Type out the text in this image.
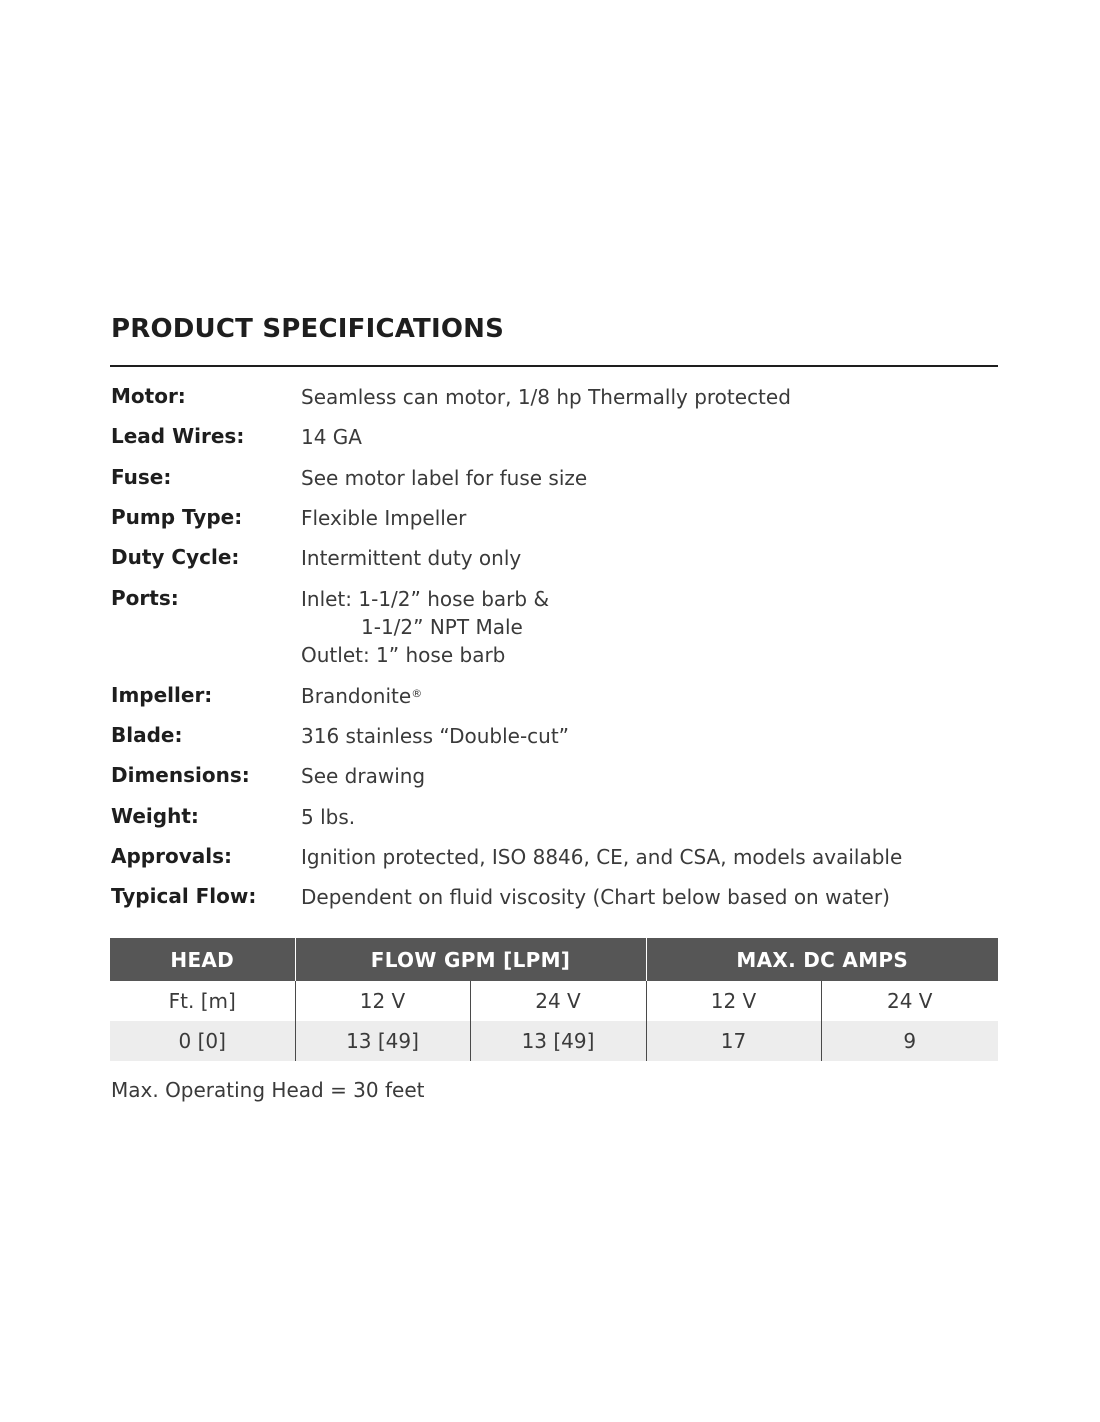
PRODUCT SPECIFICATIONS
Motor:	Seamless can motor, 1/8 hp Thermally protected
Lead Wires:	14 GA
Fuse:	See motor label for fuse size
Pump Type:	Flexible Impeller
Duty Cycle:	Intermittent duty only
Ports:	Inlet: 1-1/2” hose barb &
1-1/2” NPT Male
Outlet: 1” hose barb
Impeller:	Brandonite®
Blade:	316 stainless “Double-cut”
Dimensions:	See drawing
Weight:	5 lbs.
Approvals:	Ignition protected, ISO 8846, CE, and CSA, models available
Typical Flow: Dependent on fluid viscosity (Chart below based on water)
HEAD	FLOW GPM [LPM]		MAX. DC AMPS	
Ft. [m]	12 V	24 V	12 V	24 V
0 [0]	13 [49]	13 [49]	17	9
Max. Operating Head = 30 feet
